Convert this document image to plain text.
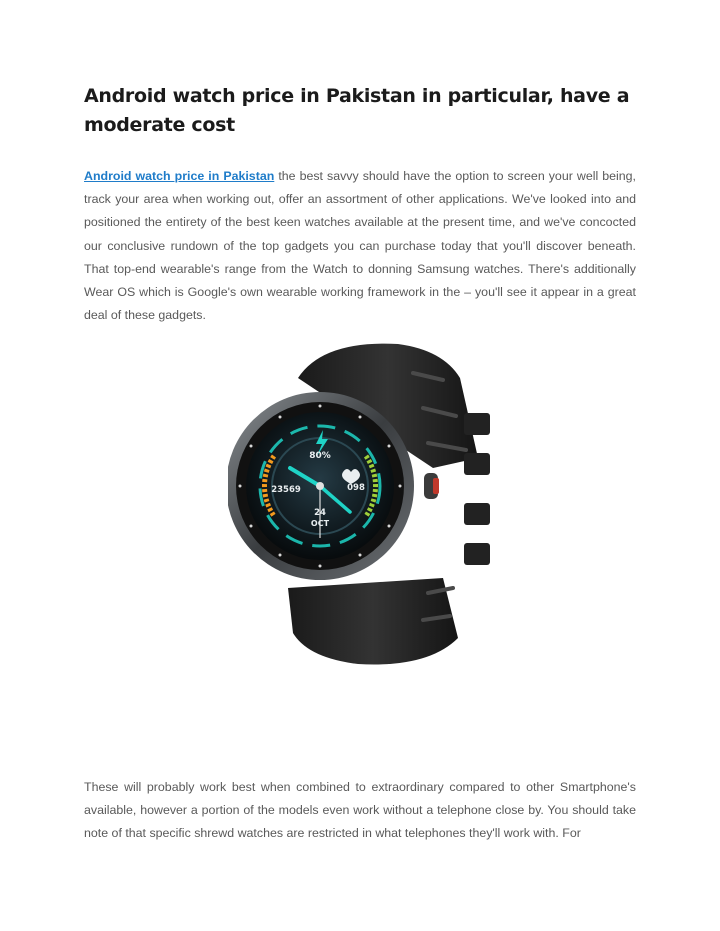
Android watch price in Pakistan in particular, have a moderate cost

Android watch price in Pakistan the best savvy should have the option to screen your well being, track your area when working out, offer an assortment of other applications. We've looked into and positioned the entirety of the best keen watches available at the present time, and we've concocted our conclusive rundown of the top gadgets you can purchase today that you'll discover beneath. That top-end wearable's range from the Watch to donning Samsung watches. There's additionally Wear OS which is Google's own wearable working framework in the – you'll see it appear in a great deal of these gadgets.

80%
23569	098
24
OCT

These will probably work best when combined to extraordinary compared to other Smartphone's available, however a portion of the models even work without a telephone close by. You should take note of that specific shrewd watches are restricted in what telephones they'll work with. For
